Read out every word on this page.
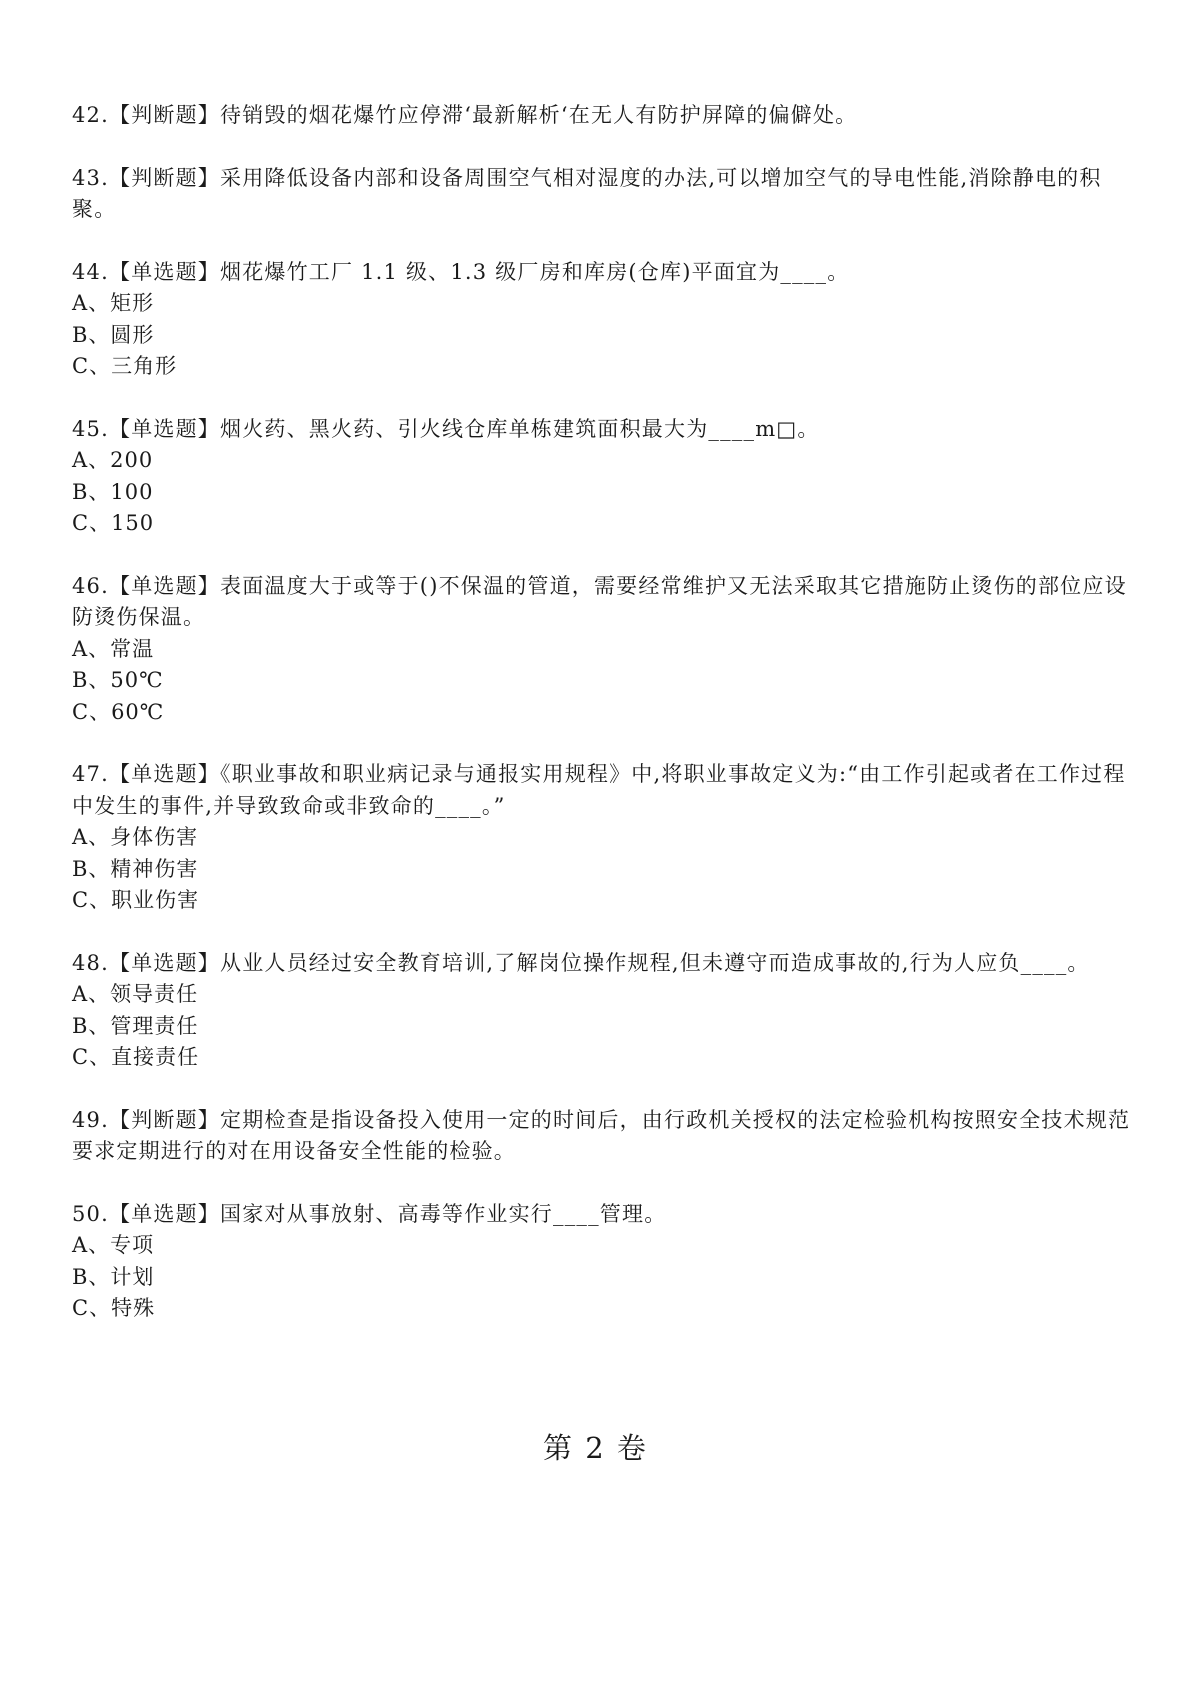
42.【判断题】待销毁的烟花爆竹应停滞‘最新解析‘在无人有防护屏障的偏僻处。

43.【判断题】采用降低设备内部和设备周围空气相对湿度的办法,可以增加空气的导电性能,消除静电的积聚。

44.【单选题】烟花爆竹工厂 1.1 级、1.3 级厂房和库房(仓库)平面宜为____。

A、矩形

B、圆形

C、三角形

45.【单选题】烟火药、黑火药、引火线仓库单栋建筑面积最大为____m□。

A、200

B、100

C、150

46.【单选题】表面温度大于或等于()不保温的管道，需要经常维护又无法采取其它措施防止烫伤的部位应设防烫伤保温。

A、常温

B、50℃

C、60℃

47.【单选题】《职业事故和职业病记录与通报实用规程》中,将职业事故定义为:“由工作引起或者在工作过程中发生的事件,并导致致命或非致命的____。”

A、身体伤害

B、精神伤害

C、职业伤害

48.【单选题】从业人员经过安全教育培训,了解岗位操作规程,但未遵守而造成事故的,行为人应负____。

A、领导责任

B、管理责任

C、直接责任

49.【判断题】定期检查是指设备投入使用一定的时间后，由行政机关授权的法定检验机构按照安全技术规范要求定期进行的对在用设备安全性能的检验。

50.【单选题】国家对从事放射、高毒等作业实行____管理。

A、专项

B、计划

C、特殊

第 2 卷
